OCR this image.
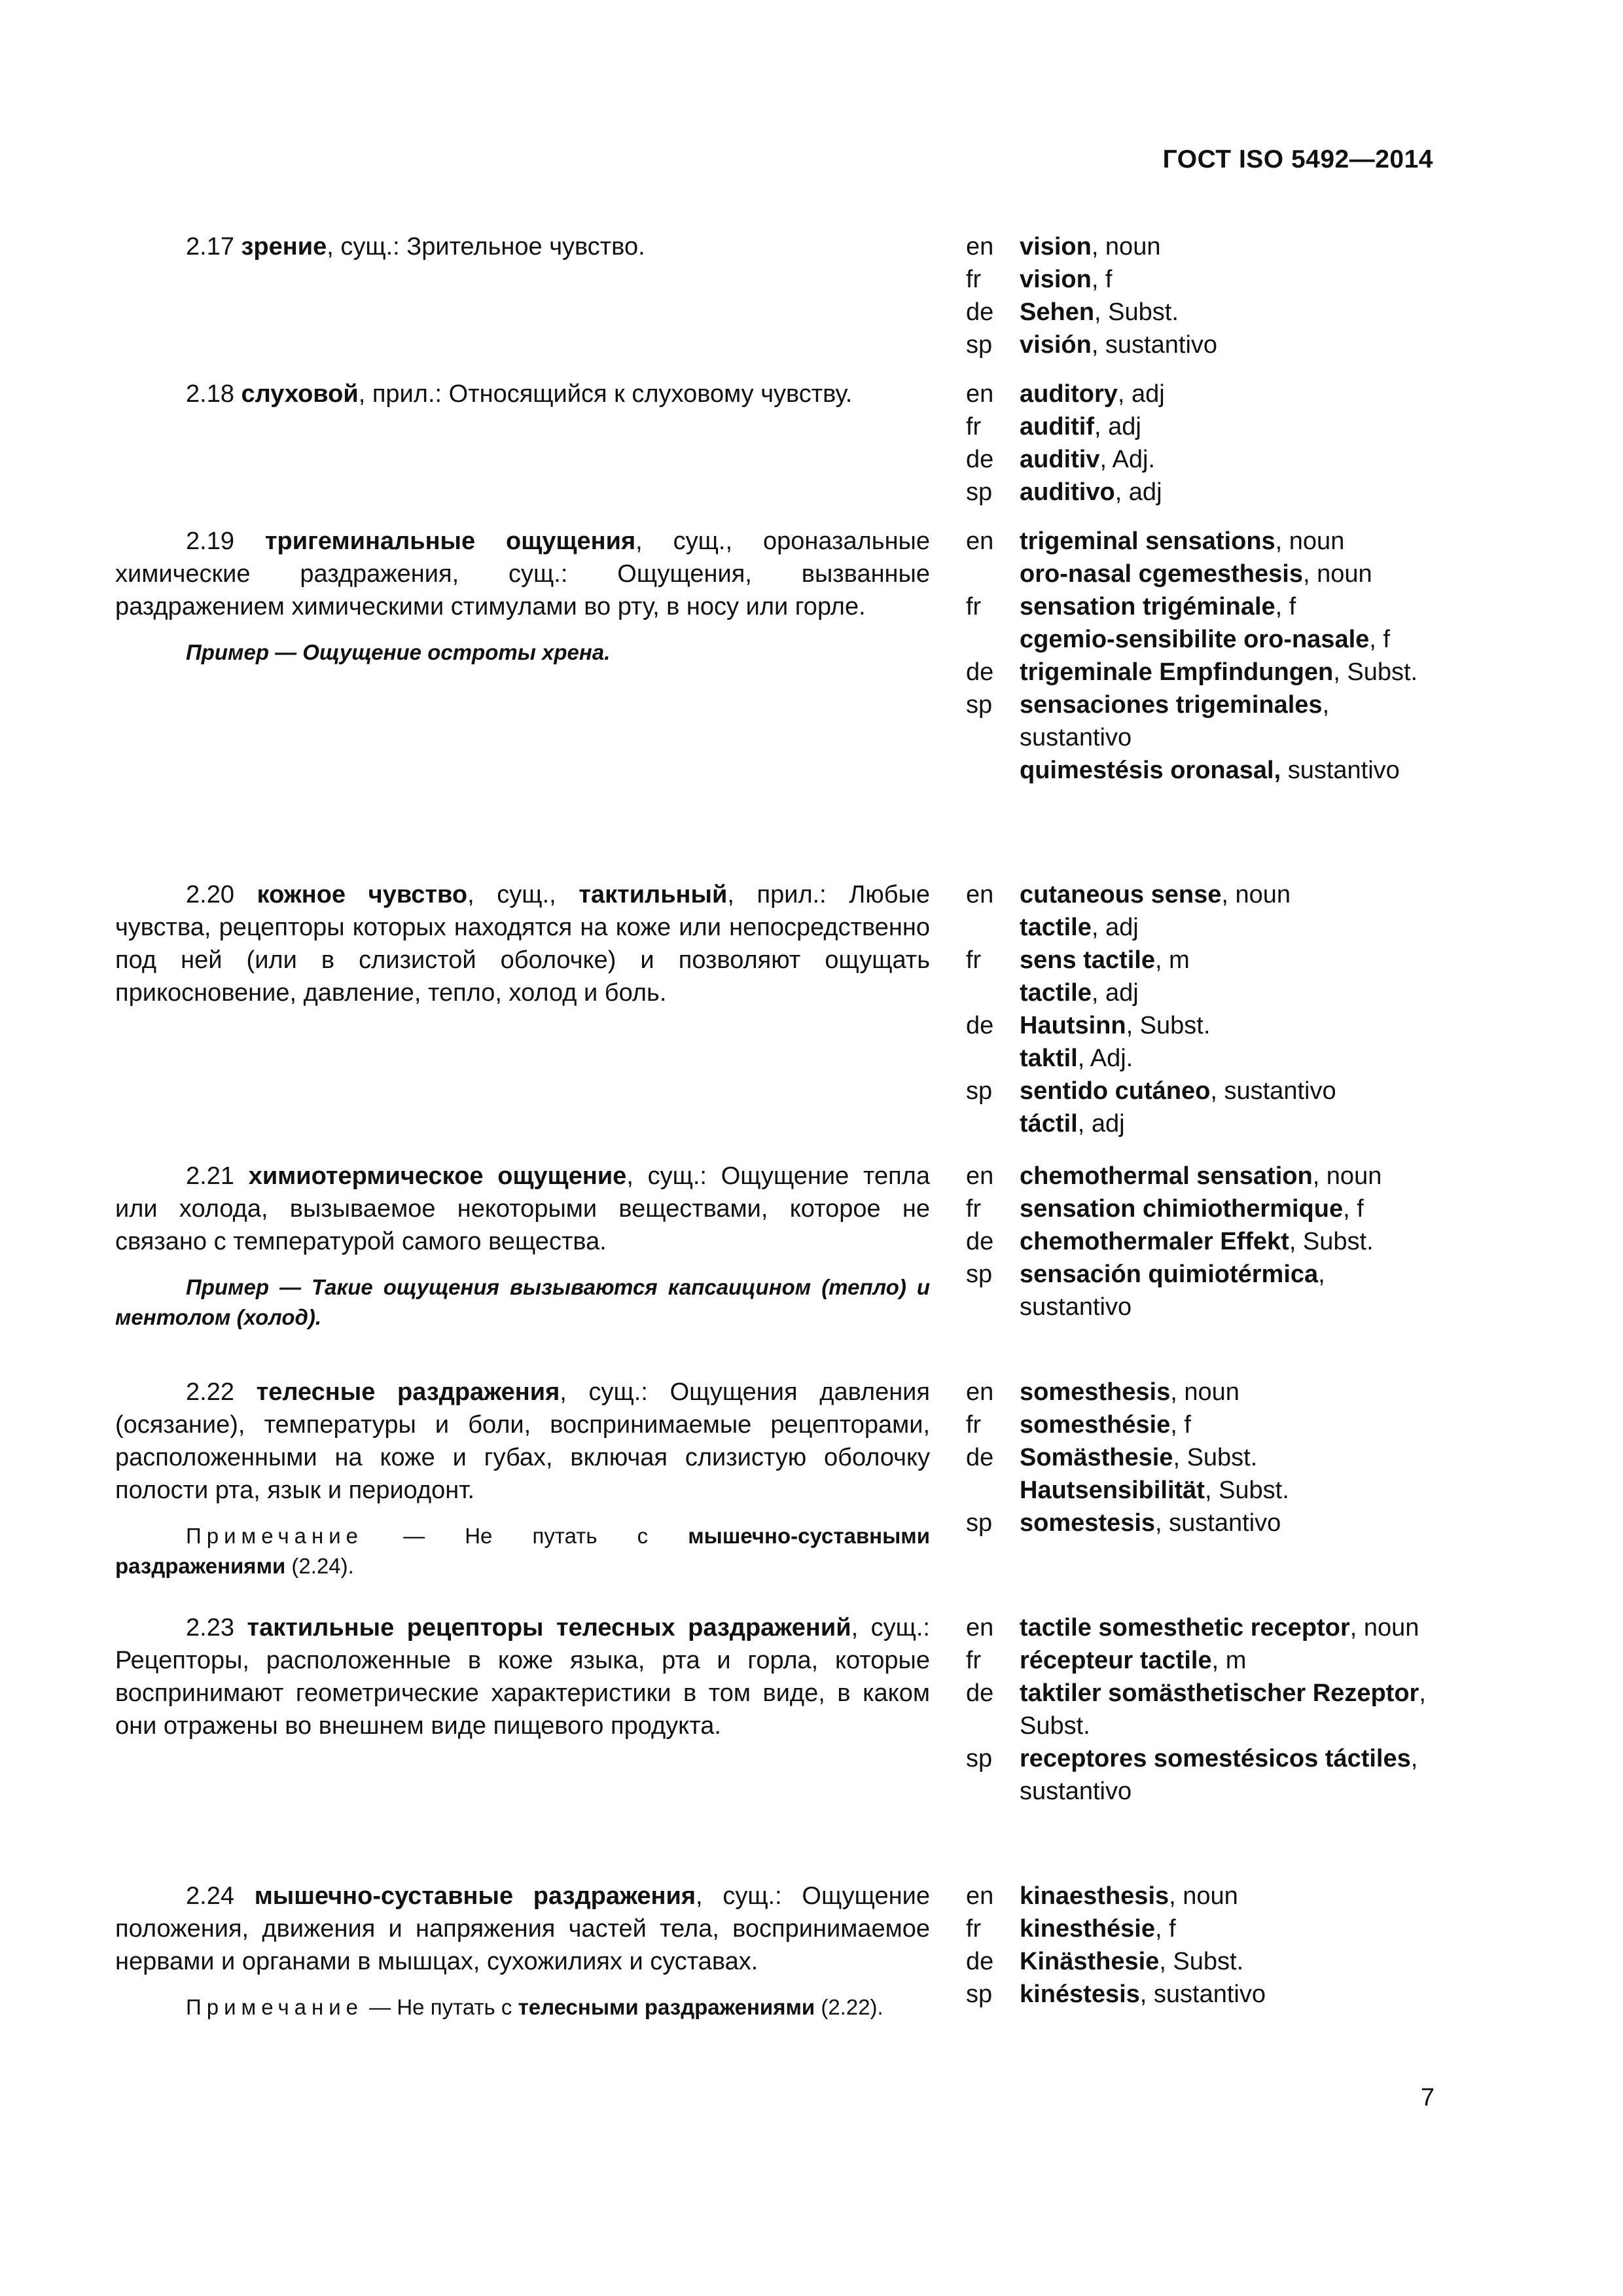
ГОСТ ISO 5492—2014

2.17 зрение, сущ.: Зрительное чувство.	en	vision, noun
fr	vision, f
de	Sehen, Subst.
sp	visión, sustantivo

2.18 слуховой, прил.: Относящийся к слуховому чувству.	en	auditory, adj
fr	auditif, adj
de	auditiv, Adj.
sp	auditivo, adj

2.19 тригеминальные ощущения, сущ., ороназальные химические раздражения, сущ.: Ощущения, вызванные раздражением химическими стимулами во рту, в носу или горле.

Пример — Ощущение остроты хрена.
en	trigeminal sensations, noun
oro-nasal cgemesthesis, noun
fr	sensation trigéminale, f
cgemio-sensibilite oro-nasale, f
de	trigeminale Empfindungen, Subst.
sp	sensaciones trigeminales, sustantivo
quimestésis oronasal, sustantivo

2.20 кожное чувство, сущ., тактильный, прил.: Любые чувства, рецепторы которых находятся на коже или непосредственно под ней (или в слизистой оболочке) и позволяют ощущать прикосновение, давление, тепло, холод и боль.

en	cutaneous sense, noun
tactile, adj
fr	sens tactile, m
tactile, adj
de	Hautsinn, Subst.
taktil, Adj.
sp	sentido cutáneo, sustantivo
táctil, adj

2.21 химиотермическое ощущение, сущ.: Ощущение тепла или холода, вызываемое некоторыми веществами, которое не связано с температурой самого вещества.

Пример — Такие ощущения вызываются капсаицином (тепло) и ментолом (холод).
en	chemothermal sensation, noun
fr	sensation chimiothermique, f
de	chemothermaler Effekt, Subst.
sp	sensación quimiotérmica, sustantivo

2.22 телесные раздражения, сущ.: Ощущения давления (осязание), температуры и боли, воспринимаемые рецепторами, расположенными на коже и губах, включая слизистую оболочку полости рта, язык и периодонт.

Примечание — Не путать с мышечно-суставными раздражениями (2.24).
en	somesthesis, noun
fr	somesthésie, f
de	Somästhesie, Subst.
Hautsensibilität, Subst.
sp	somestesis, sustantivo

2.23 тактильные рецепторы телесных раздражений, сущ.: Рецепторы, расположенные в коже языка, рта и горла, которые воспринимают геометрические характеристики в том виде, в каком они отражены во внешнем виде пищевого продукта.

en	tactile somesthetic receptor, noun
fr	récepteur tactile, m
de	taktiler somästhetischer Rezeptor, Subst.
sp	receptores somestésicos táctiles, sustantivo

2.24 мышечно-суставные раздражения, сущ.: Ощущение положения, движения и напряжения частей тела, воспринимаемое нервами и органами в мышцах, сухожилиях и суставах.

Примечание — Не путать с телесными раздражениями (2.22).
en	kinaesthesis, noun
fr	kinesthésie, f
de	Kinästhesie, Subst.
sp	kinéstesis, sustantivo
7
